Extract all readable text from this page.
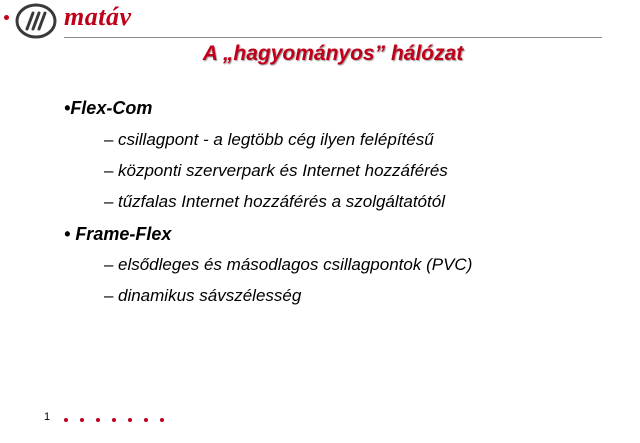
matáv
A „hagyományos” hálózat
•Flex-Com
– csillagpont - a legtöbb cég ilyen felépítésű
– központi szerverpark és Internet hozzáférés
– tűzfalas Internet hozzáférés a szolgáltatótól
• Frame-Flex
– elsődleges és másodlagos csillagpontok (PVC)
– dinamikus sávszélesség
1
